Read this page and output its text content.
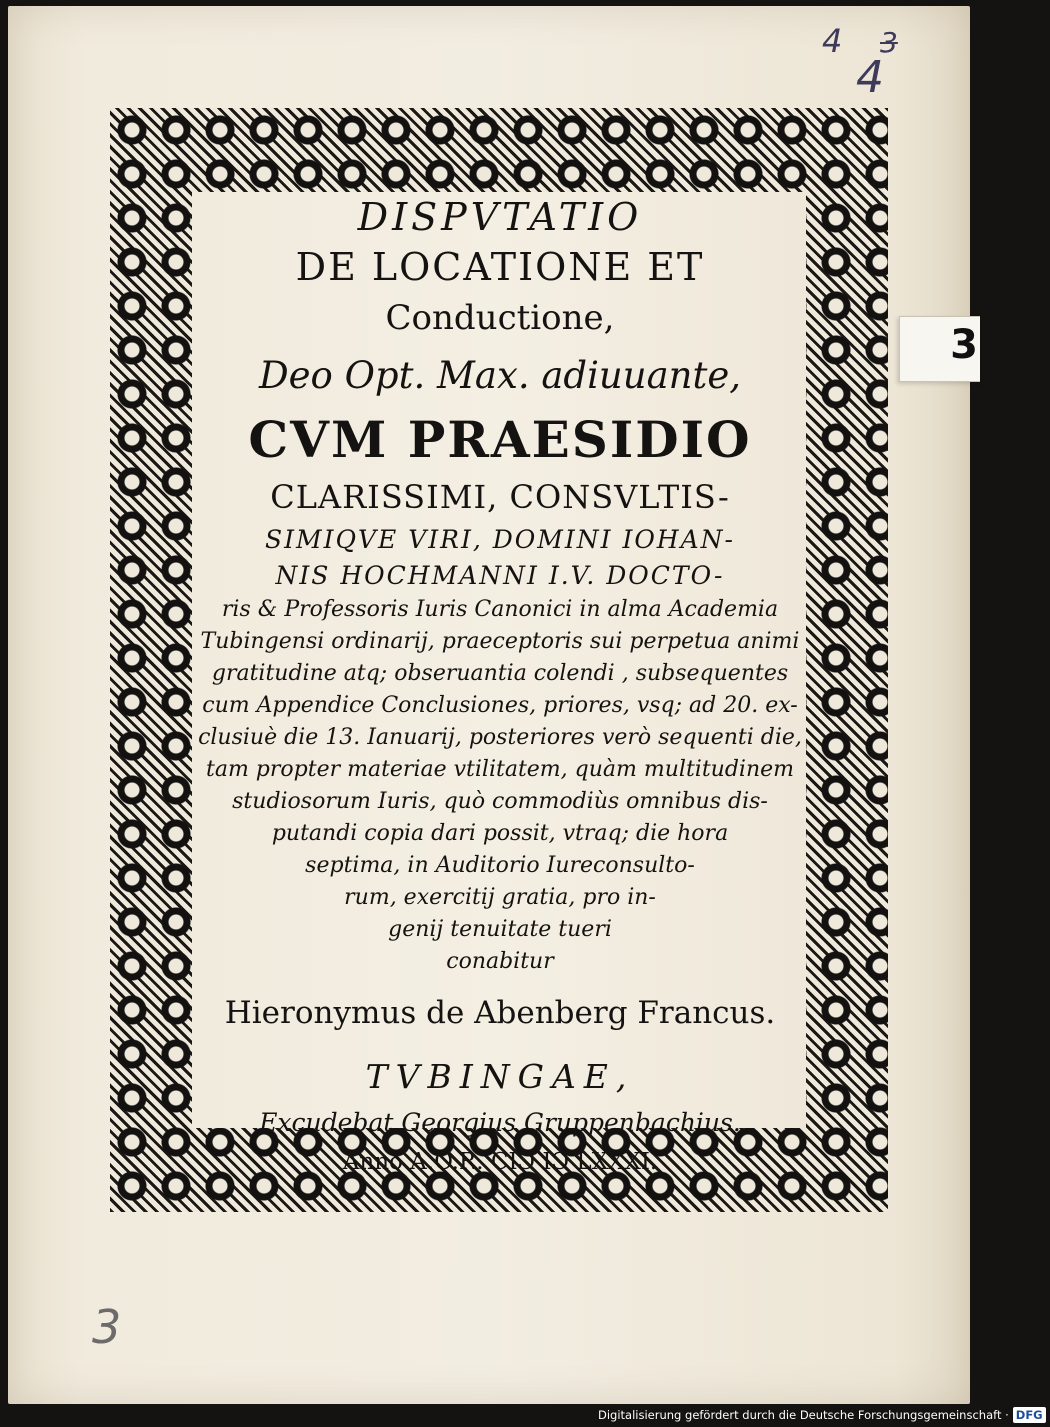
4 3
4
3
3

DISPVTATIO

DE LOCATIONE ET

Conductione,

Deo Opt. Max. adiuuante,

CVM PRAESIDIO

CLARISSIMI, CONSVLTIS-

SIMIQVE VIRI, DOMINI IOHAN-

NIS HOCHMANNI I.V. DOCTO-

ris & Professoris Iuris Canonici in alma Academia

Tubingensi ordinarij, praeceptoris sui perpetua animi

gratitudine atq; obseruantia colendi , subsequentes

cum Appendice Conclusiones, priores, vsq; ad 20. ex-

clusiuè die 13. Ianuarij, posteriores verò sequenti die,

tam propter materiae vtilitatem, quàm multitudinem

studiosorum Iuris, quò commodiùs omnibus dis-

putandi copia dari possit, vtraq; die hora

septima, in Auditorio Iureconsulto-

rum, exercitij gratia, pro in-

genij tenuitate tueri

conabitur

Hieronymus de Abenberg Francus.

TVBINGAE,

Excudebat Georgius Gruppenbachius.

Anno A.O.R. CIƆ IƆ LXXXI.

Digitalisierung gefördert durch die Deutsche Forschungsgemeinschaft · DFG
